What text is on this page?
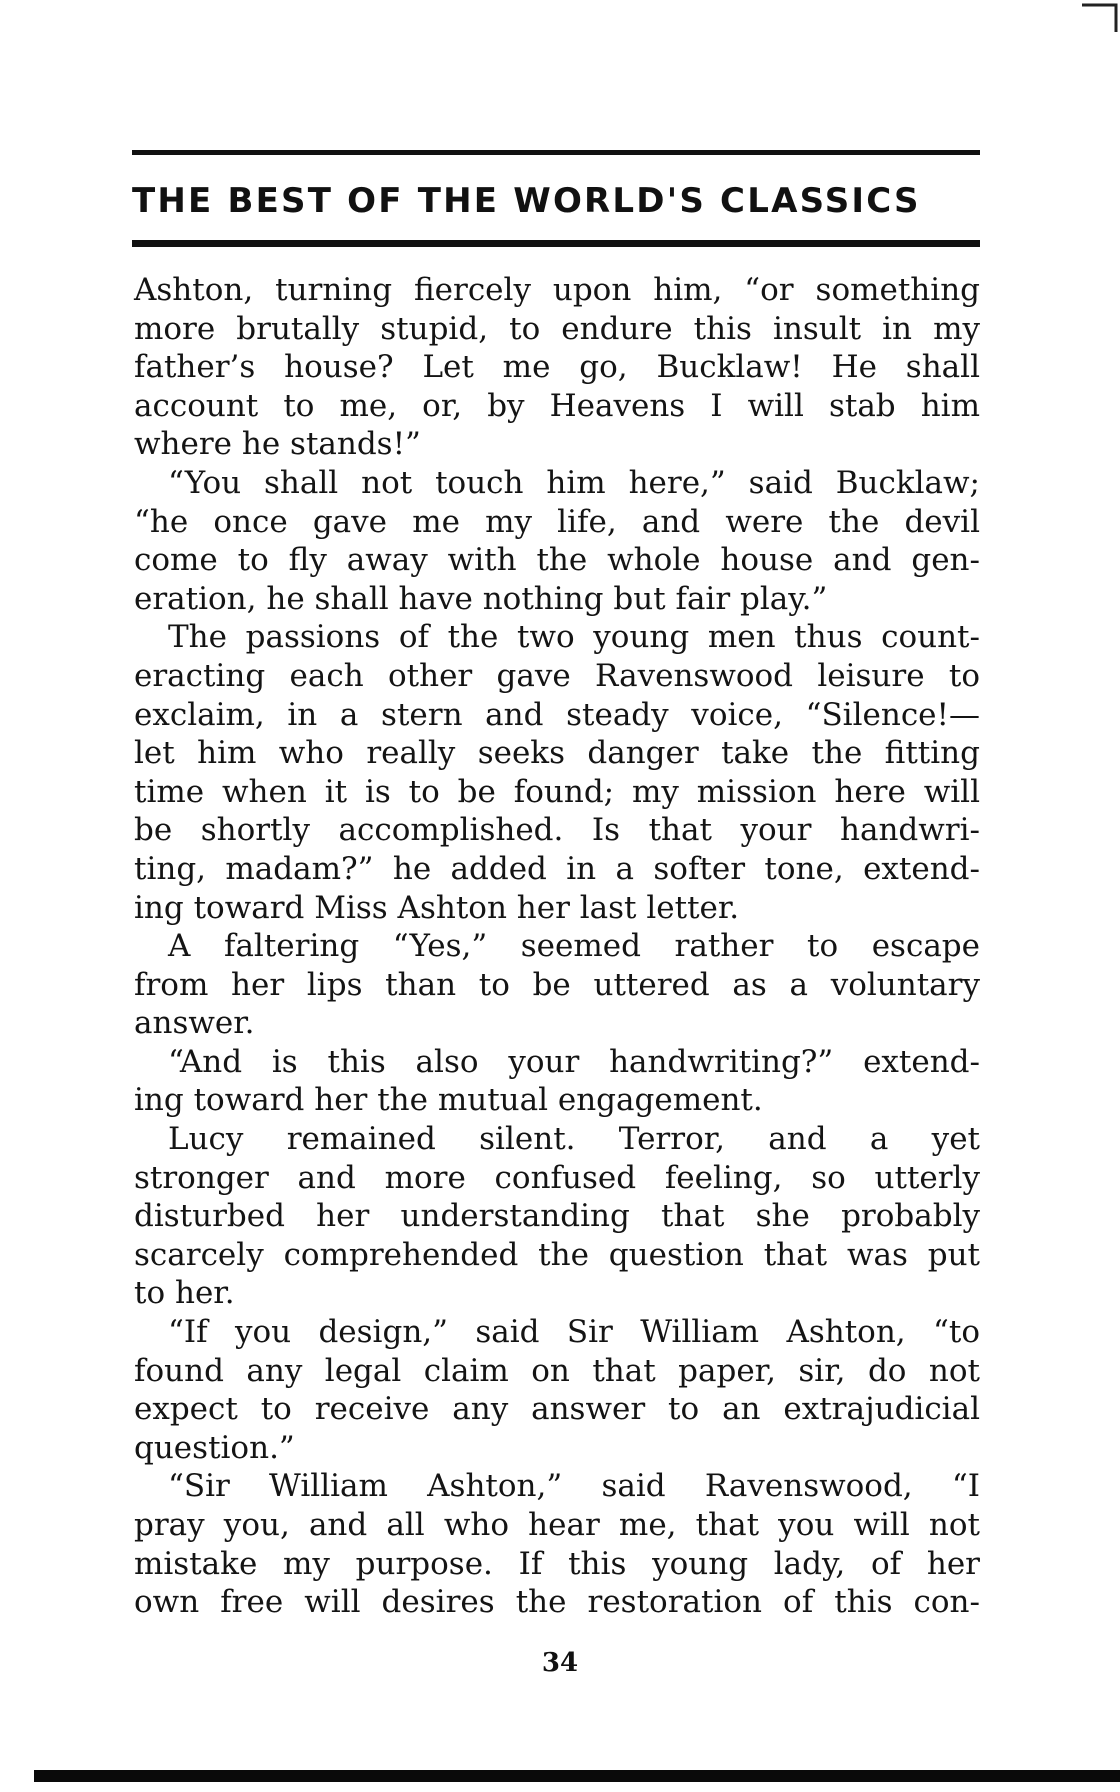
THE BEST OF THE WORLD'S CLASSICS
Ashton, turning fiercely upon him, “or something
more brutally stupid, to endure this insult in my
father’s house? Let me go, Bucklaw! He shall
account to me, or, by Heavens I will stab him
where he stands!”
“You shall not touch him here,” said Bucklaw;
“he once gave me my life, and were the devil
come to fly away with the whole house and gen-
eration, he shall have nothing but fair play.”
The passions of the two young men thus count-
eracting each other gave Ravenswood leisure to
exclaim, in a stern and steady voice, “Silence!—
let him who really seeks danger take the fitting
time when it is to be found; my mission here will
be shortly accomplished. Is that your handwri-
ting, madam?” he added in a softer tone, extend-
ing toward Miss Ashton her last letter.
A faltering “Yes,” seemed rather to escape
from her lips than to be uttered as a voluntary
answer.
“And is this also your handwriting?” extend-
ing toward her the mutual engagement.
Lucy remained silent. Terror, and a yet
stronger and more confused feeling, so utterly
disturbed her understanding that she probably
scarcely comprehended the question that was put
to her.
“If you design,” said Sir William Ashton, “to
found any legal claim on that paper, sir, do not
expect to receive any answer to an extrajudicial
question.”
“Sir William Ashton,” said Ravenswood, “I
pray you, and all who hear me, that you will not
mistake my purpose. If this young lady, of her
own free will desires the restoration of this con-
34
